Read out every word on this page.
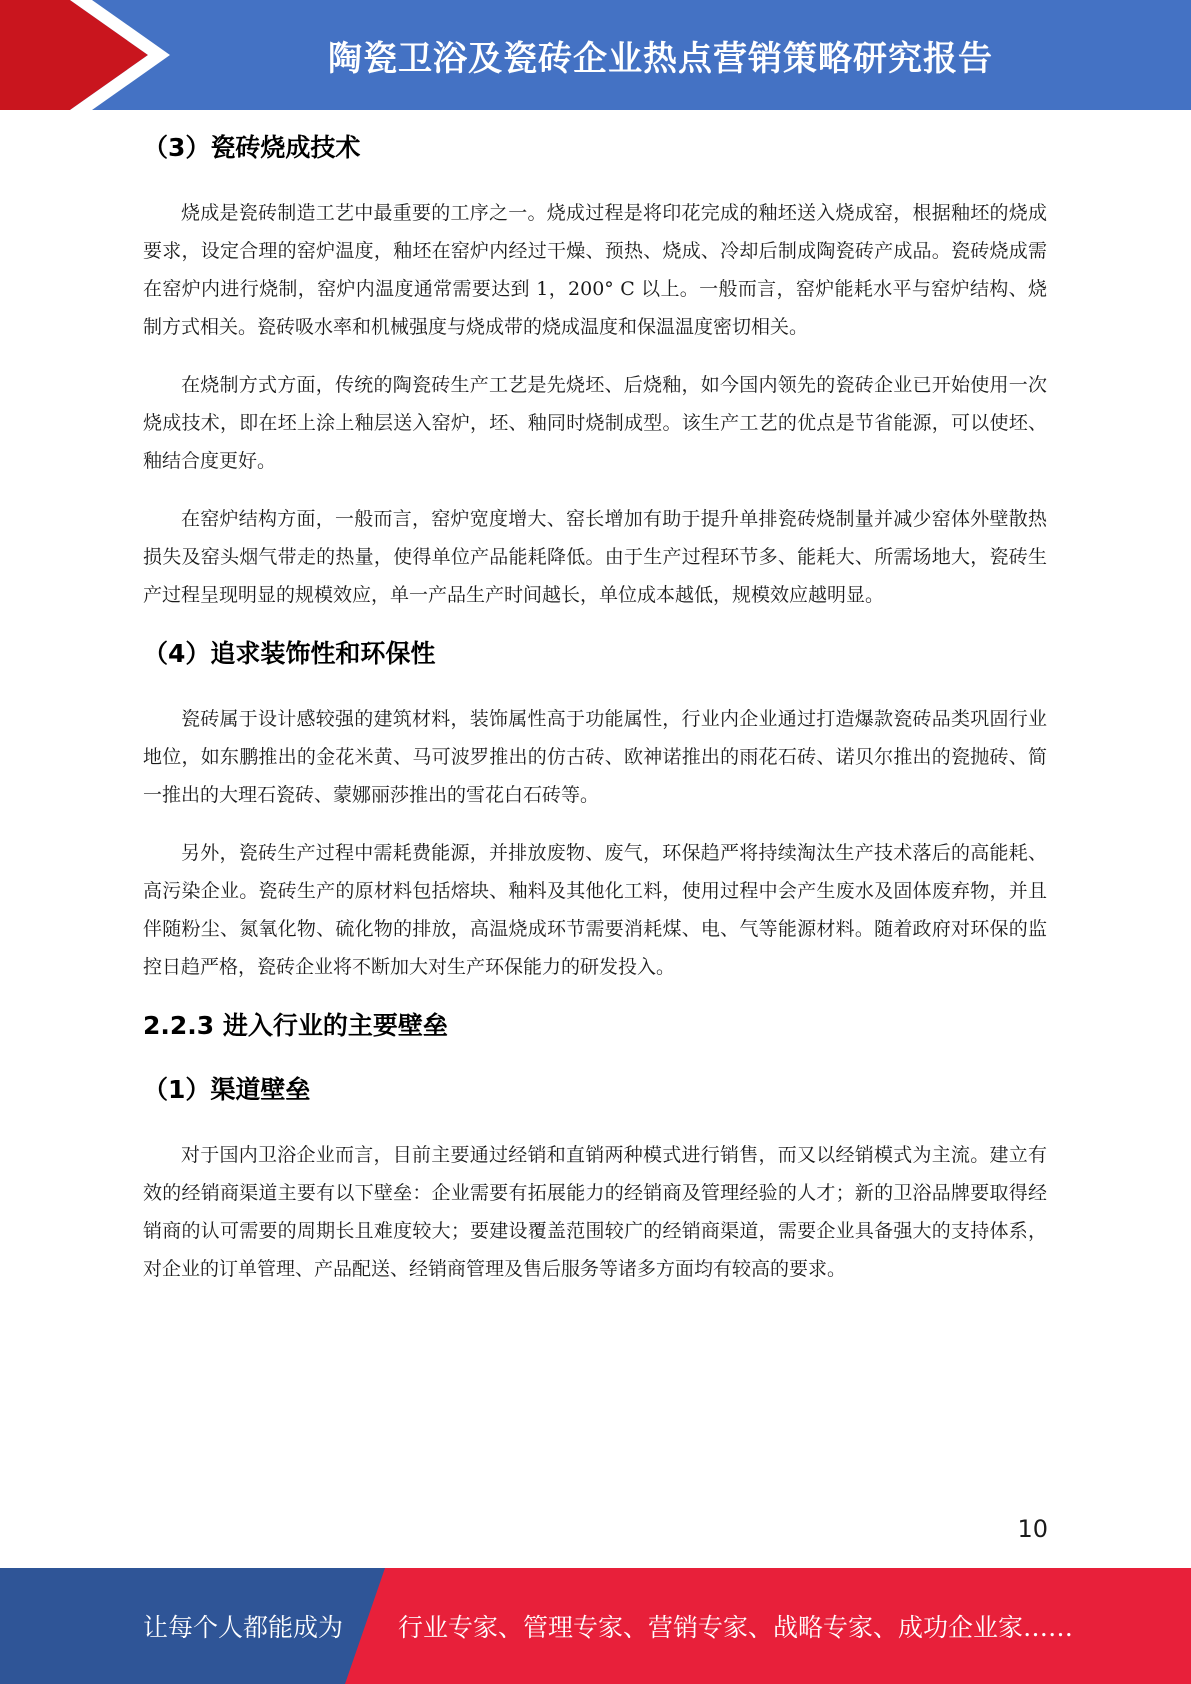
陶瓷卫浴及瓷砖企业热点营销策略研究报告
（3）瓷砖烧成技术

烧成是瓷砖制造工艺中最重要的工序之一。烧成过程是将印花完成的釉坯送入烧成窑，根据釉坯的烧成要求，设定合理的窑炉温度，釉坯在窑炉内经过干燥、预热、烧成、冷却后制成陶瓷砖产成品。瓷砖烧成需在窑炉内进行烧制，窑炉内温度通常需要达到 1，200° C 以上。一般而言，窑炉能耗水平与窑炉结构、烧制方式相关。瓷砖吸水率和机械强度与烧成带的烧成温度和保温温度密切相关。

在烧制方式方面，传统的陶瓷砖生产工艺是先烧坯、后烧釉，如今国内领先的瓷砖企业已开始使用一次烧成技术，即在坯上涂上釉层送入窑炉，坯、釉同时烧制成型。该生产工艺的优点是节省能源，可以使坯、釉结合度更好。

在窑炉结构方面，一般而言，窑炉宽度增大、窑长增加有助于提升单排瓷砖烧制量并减少窑体外壁散热损失及窑头烟气带走的热量，使得单位产品能耗降低。由于生产过程环节多、能耗大、所需场地大，瓷砖生产过程呈现明显的规模效应，单一产品生产时间越长，单位成本越低，规模效应越明显。

（4）追求装饰性和环保性

瓷砖属于设计感较强的建筑材料，装饰属性高于功能属性，行业内企业通过打造爆款瓷砖品类巩固行业地位，如东鹏推出的金花米黄、马可波罗推出的仿古砖、欧神诺推出的雨花石砖、诺贝尔推出的瓷抛砖、简一推出的大理石瓷砖、蒙娜丽莎推出的雪花白石砖等。

另外，瓷砖生产过程中需耗费能源，并排放废物、废气，环保趋严将持续淘汰生产技术落后的高能耗、高污染企业。瓷砖生产的原材料包括熔块、釉料及其他化工料，使用过程中会产生废水及固体废弃物，并且伴随粉尘、氮氧化物、硫化物的排放，高温烧成环节需要消耗煤、电、气等能源材料。随着政府对环保的监控日趋严格，瓷砖企业将不断加大对生产环保能力的研发投入。

2.2.3 进入行业的主要壁垒
（1）渠道壁垒

对于国内卫浴企业而言，目前主要通过经销和直销两种模式进行销售，而又以经销模式为主流。建立有效的经销商渠道主要有以下壁垒：企业需要有拓展能力的经销商及管理经验的人才；新的卫浴品牌要取得经销商的认可需要的周期长且难度较大；要建设覆盖范围较广的经销商渠道，需要企业具备强大的支持体系，对企业的订单管理、产品配送、经销商管理及售后服务等诸多方面均有较高的要求。

10
让每个人都能成为 行业专家、管理专家、营销专家、战略专家、成功企业家……
